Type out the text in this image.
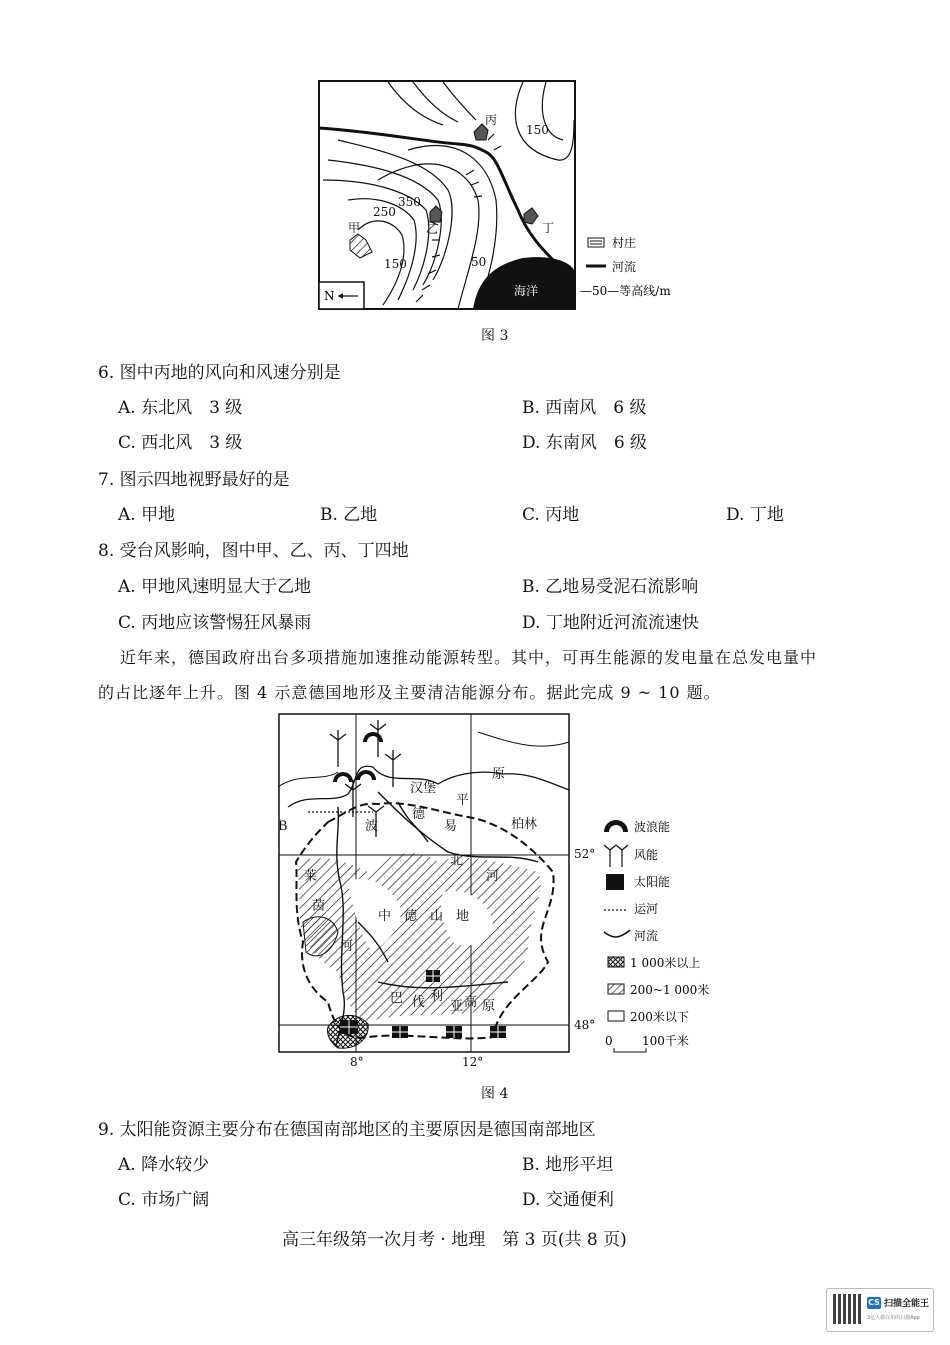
海洋
丙
150
350
250
乙
甲
150	50
丁
N
村庄
河流
—50—等高线/m
图 3
6. 图中丙地的风向和风速分别是
A. 东北风　3 级	B. 西南风　6 级
C. 西北风　3 级	D. 东南风　6 级
7. 图示四地视野最好的是
A. 甲地	B. 乙地	C. 丙地	D. 丁地
8. 受台风影响，图中甲、乙、丙、丁四地
A. 甲地风速明显大于乙地	B. 乙地易受泥石流影响
C. 丙地应该警惕狂风暴雨	D. 丁地附近河流流速快
近年来，德国政府出台多项措施加速推动能源转型。其中，可再生能源的发电量在总发电量中
的占比逐年上升。图 4 示意德国地形及主要清洁能源分布。据此完成 9 ~ 10 题。
汉堡
波
德
易
平
原
柏林
北
河
莱
茵
河
中 德 山 地
巴 伐 利
亚 高 原
B
52°
48°
8°	12°
波浪能
风能
太阳能
运河
河流
1 000米以上
200~1 000米
200米以下
0 100千米
图 4
9. 太阳能资源主要分布在德国南部地区的主要原因是德国南部地区
A. 降水较少	B. 地形平坦
C. 市场广阔	D. 交通便利
高三年级第一次月考 · 地理　第 3 页(共 8 页)
CS 扫描全能王
3亿人都在用的扫描App
